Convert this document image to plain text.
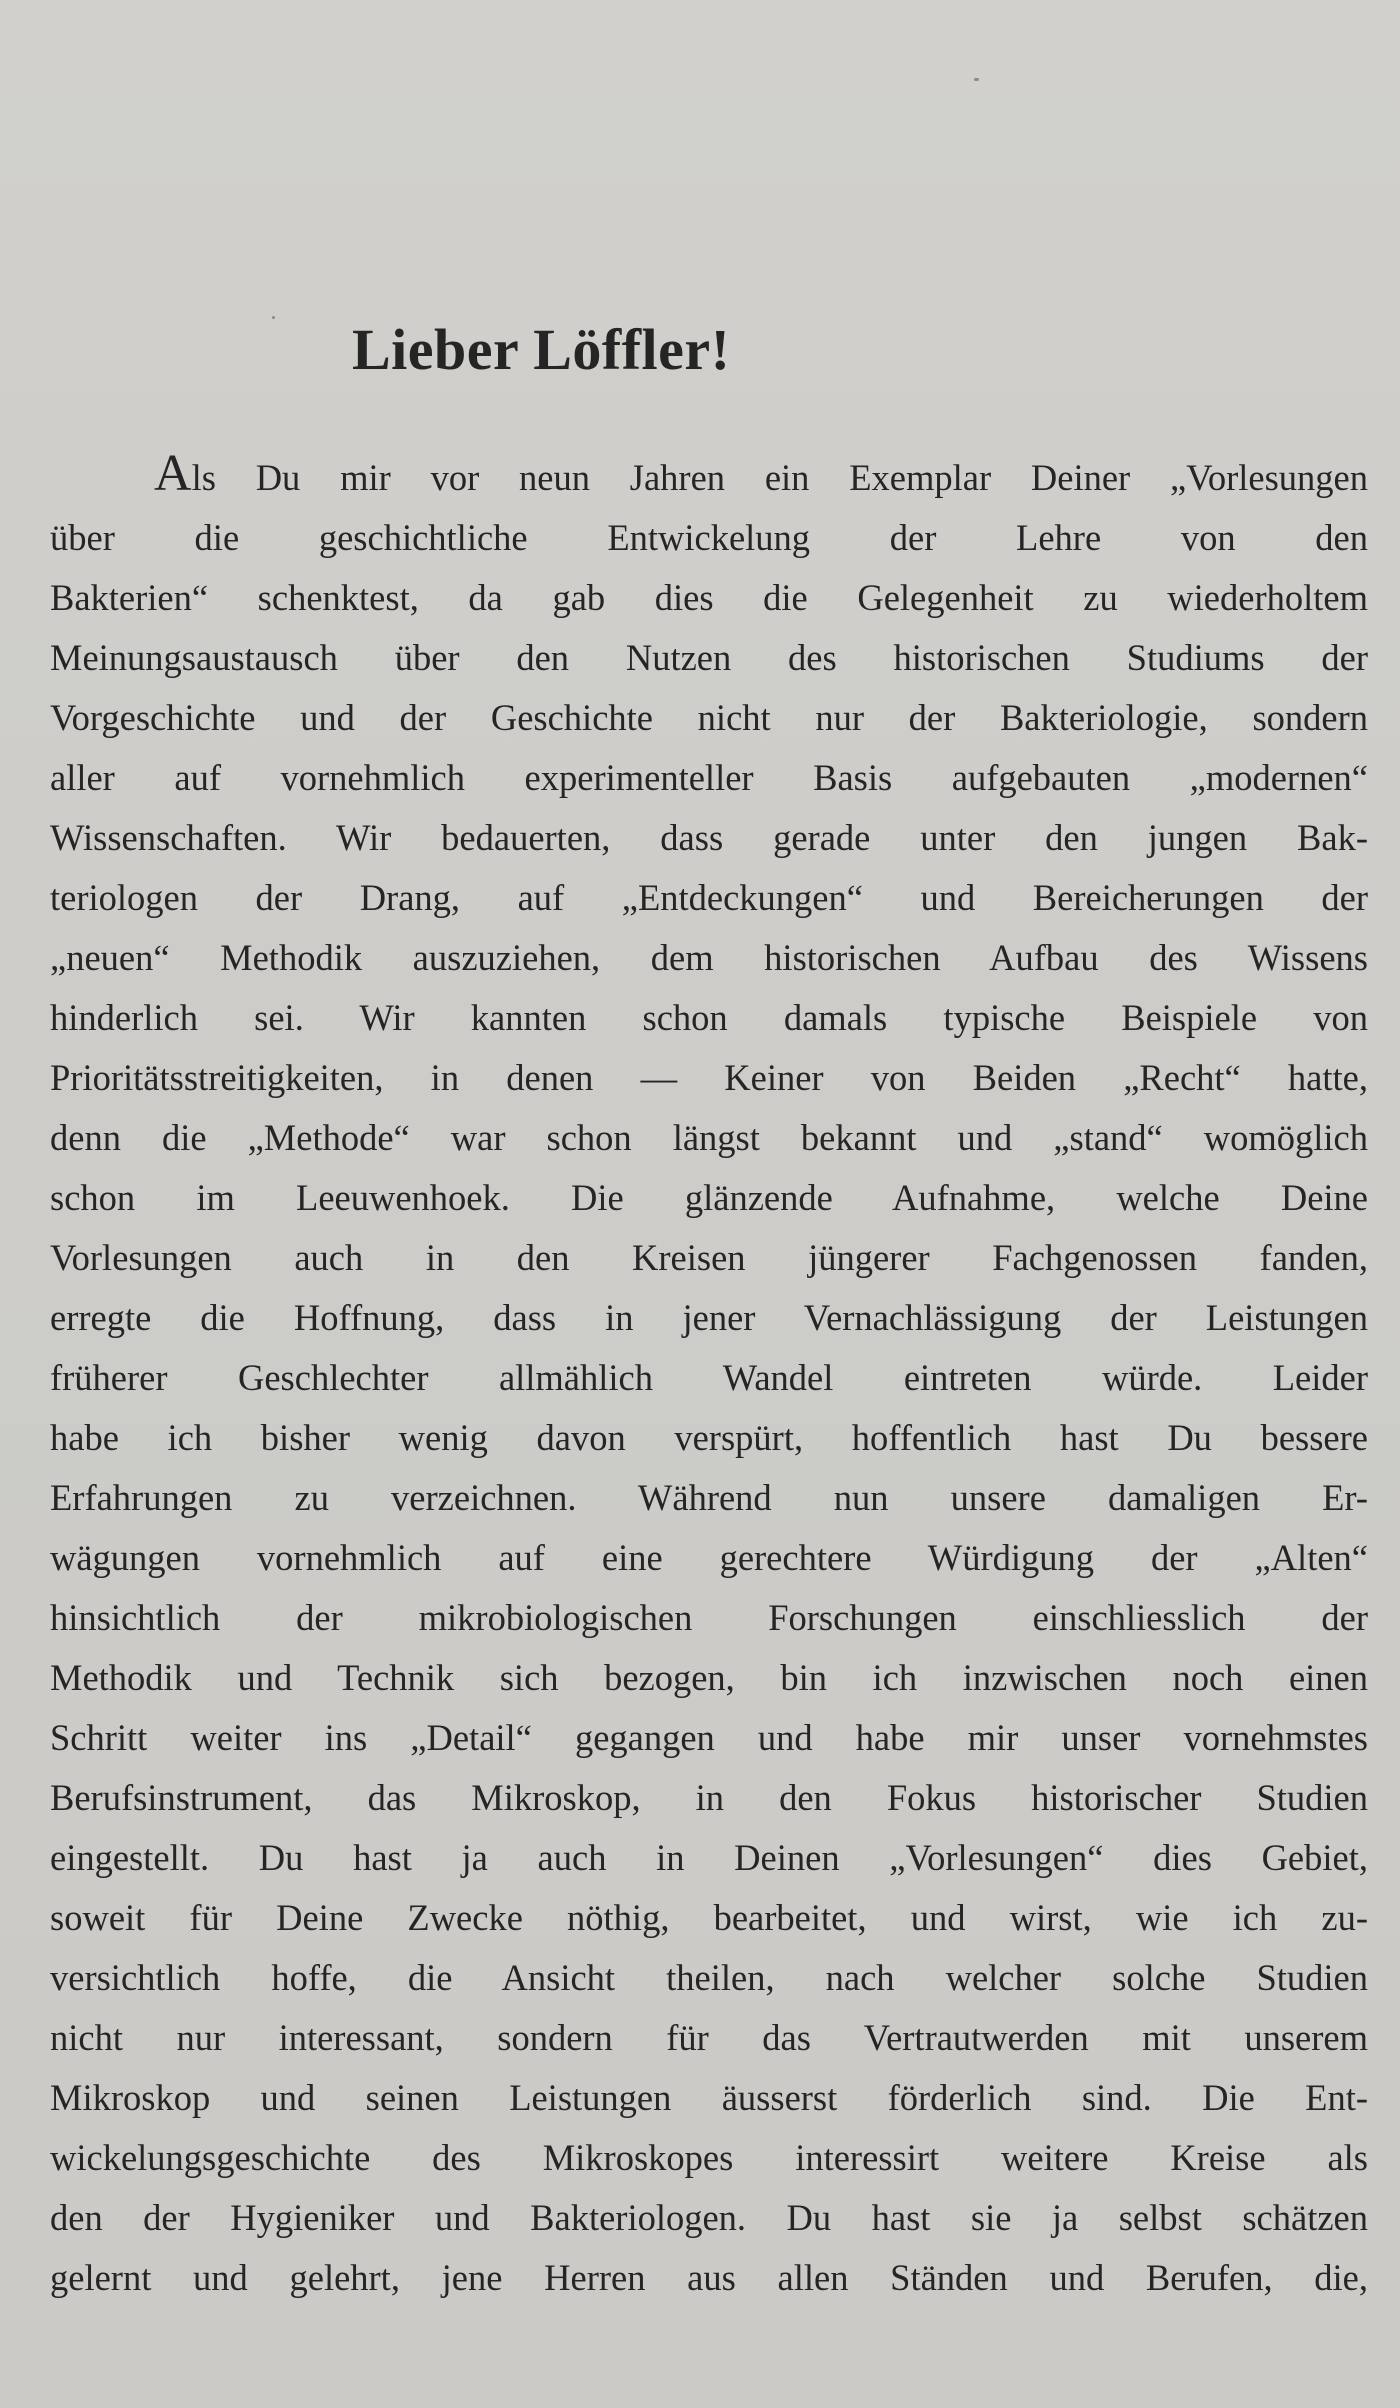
Lieber Löffler!
Als Du mir vor neun Jahren ein Exemplar Deiner „Vorlesungen
über die geschichtliche Entwickelung der Lehre von den
Bakterien“ schenktest, da gab dies die Gelegenheit zu wiederholtem
Meinungsaustausch über den Nutzen des historischen Studiums der
Vorgeschichte und der Geschichte nicht nur der Bakteriologie, sondern
aller auf vornehmlich experimenteller Basis aufgebauten „modernen“
Wissenschaften. Wir bedauerten, dass gerade unter den jungen Bak-
teriologen der Drang, auf „Entdeckungen“ und Bereicherungen der
„neuen“ Methodik auszuziehen, dem historischen Aufbau des Wissens
hinderlich sei. Wir kannten schon damals typische Beispiele von
Prioritätsstreitigkeiten, in denen — Keiner von Beiden „Recht“ hatte,
denn die „Methode“ war schon längst bekannt und „stand“ womöglich
schon im Leeuwenhoek. Die glänzende Aufnahme, welche Deine
Vorlesungen auch in den Kreisen jüngerer Fachgenossen fanden,
erregte die Hoffnung, dass in jener Vernachlässigung der Leistungen
früherer Geschlechter allmählich Wandel eintreten würde. Leider
habe ich bisher wenig davon verspürt, hoffentlich hast Du bessere
Erfahrungen zu verzeichnen. Während nun unsere damaligen Er-
wägungen vornehmlich auf eine gerechtere Würdigung der „Alten“
hinsichtlich der mikrobiologischen Forschungen einschliesslich der
Methodik und Technik sich bezogen, bin ich inzwischen noch einen
Schritt weiter ins „Detail“ gegangen und habe mir unser vornehmstes
Berufsinstrument, das Mikroskop, in den Fokus historischer Studien
eingestellt. Du hast ja auch in Deinen „Vorlesungen“ dies Gebiet,
soweit für Deine Zwecke nöthig, bearbeitet, und wirst, wie ich zu-
versichtlich hoffe, die Ansicht theilen, nach welcher solche Studien
nicht nur interessant, sondern für das Vertrautwerden mit unserem
Mikroskop und seinen Leistungen äusserst förderlich sind. Die Ent-
wickelungsgeschichte des Mikroskopes interessirt weitere Kreise als
den der Hygieniker und Bakteriologen. Du hast sie ja selbst schätzen
gelernt und gelehrt, jene Herren aus allen Ständen und Berufen, die,
